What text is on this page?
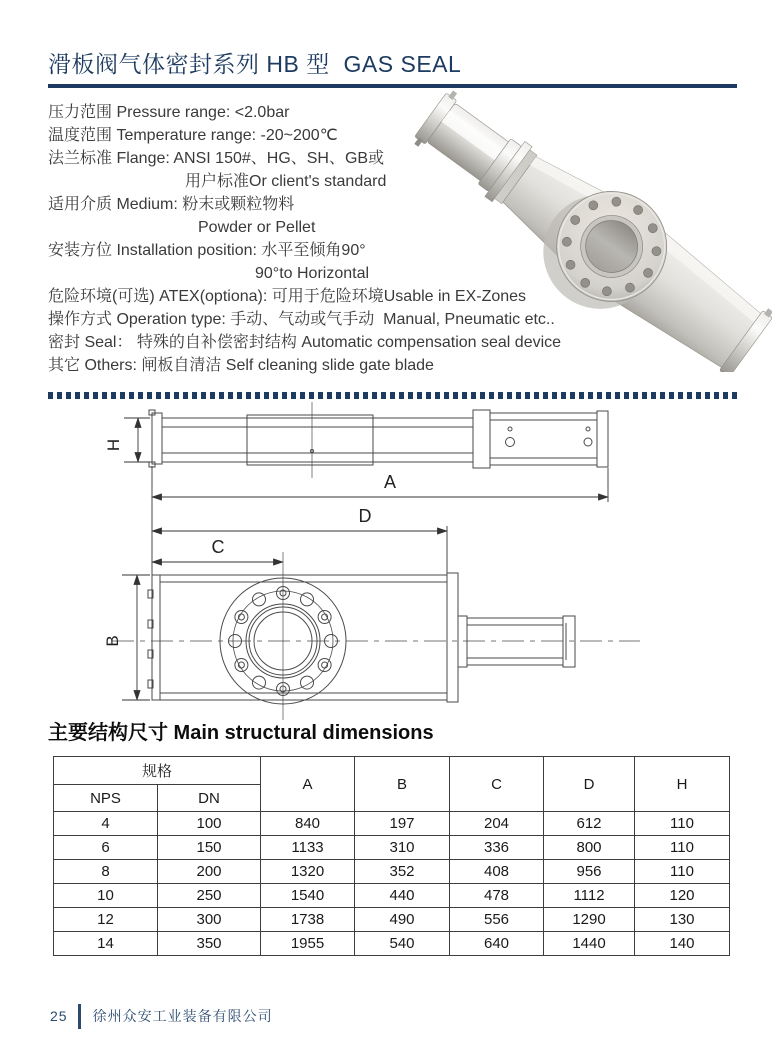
滑板阀气体密封系列 HB 型  GAS SEAL
压力范围 Pressure range: <2.0bar
温度范围 Temperature range: -20~200℃
法兰标准 Flange: ANSI 150#、HG、SH、GB或
用户标准Or client's standard
适用介质 Medium: 粉末或颗粒物料
Powder or Pellet
安装方位 Installation position: 水平至倾角90°
90°to Horizontal
危险环境(可选) ATEX(optiona): 可用于危险环境Usable in EX-Zones
操作方式 Operation type: 手动、气动或气手动  Manual, Pneumatic etc..
密封 Seal： 特殊的自补偿密封结构 Automatic compensation seal device
其它 Others: 闸板自清洁 Self cleaning slide gate blade
H
A
D
C
B
主要结构尺寸 Main structural dimensions
规格		A	B	C	D	H
NPS	DN					
4	100	840	197	204	612	110
6	150	1133	310	336	800	110
8	200	1320	352	408	956	110
10	250	1540	440	478	1112	120
12	300	1738	490	556	1290	130
14	350	1955	540	640	1440	140
25 徐州众安工业装备有限公司
